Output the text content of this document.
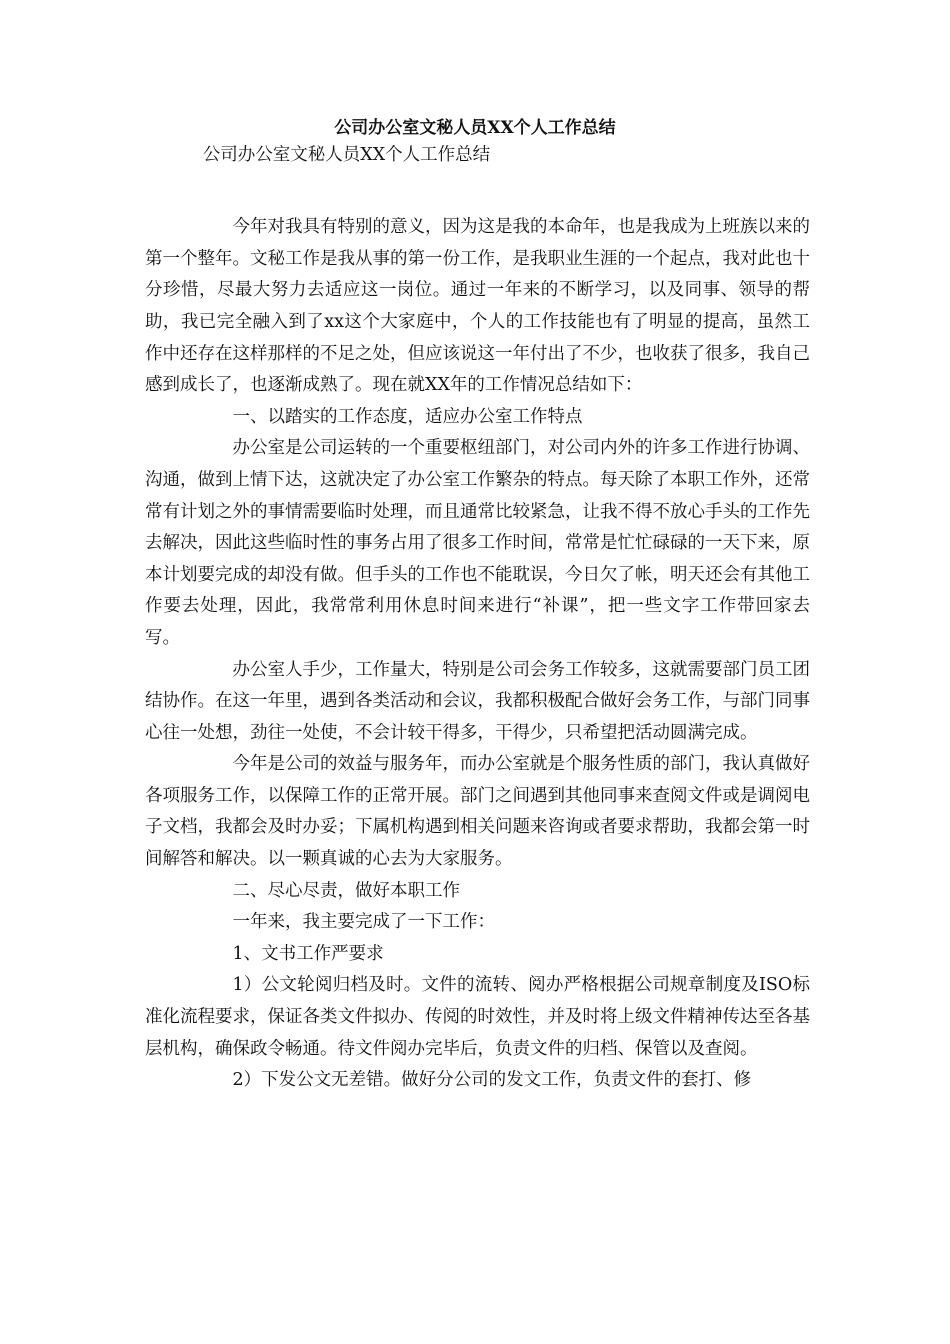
公司办公室文秘人员XX个人工作总结

公司办公室文秘人员XX个人工作总结

今年对我具有特别的意义，因为这是我的本命年，也是我成为上班族以来的第一个整年。文秘工作是我从事的第一份工作，是我职业生涯的一个起点，我对此也十分珍惜，尽最大努力去适应这一岗位。通过一年来的不断学习，以及同事、领导的帮助，我已完全融入到了xx这个大家庭中，个人的工作技能也有了明显的提高，虽然工作中还存在这样那样的不足之处，但应该说这一年付出了不少，也收获了很多，我自己感到成长了，也逐渐成熟了。现在就XX年的工作情况总结如下：

一、以踏实的工作态度，适应办公室工作特点

办公室是公司运转的一个重要枢纽部门，对公司内外的许多工作进行协调、沟通，做到上情下达，这就决定了办公室工作繁杂的特点。每天除了本职工作外，还常常有计划之外的事情需要临时处理，而且通常比较紧急，让我不得不放心手头的工作先去解决，因此这些临时性的事务占用了很多工作时间，常常是忙忙碌碌的一天下来，原本计划要完成的却没有做。但手头的工作也不能耽误，今日欠了帐，明天还会有其他工作要去处理，因此，我常常利用休息时间来进行“补课”，把一些文字工作带回家去写。

办公室人手少，工作量大，特别是公司会务工作较多，这就需要部门员工团结协作。在这一年里，遇到各类活动和会议，我都积极配合做好会务工作，与部门同事心往一处想，劲往一处使，不会计较干得多，干得少，只希望把活动圆满完成。

今年是公司的效益与服务年，而办公室就是个服务性质的部门，我认真做好各项服务工作，以保障工作的正常开展。部门之间遇到其他同事来查阅文件或是调阅电子文档，我都会及时办妥；下属机构遇到相关问题来咨询或者要求帮助，我都会第一时间解答和解决。以一颗真诚的心去为大家服务。

二、尽心尽责，做好本职工作

一年来，我主要完成了一下工作：

1、文书工作严要求

1）公文轮阅归档及时。文件的流转、阅办严格根据公司规章制度及ISO标准化流程要求，保证各类文件拟办、传阅的时效性，并及时将上级文件精神传达至各基层机构，确保政令畅通。待文件阅办完毕后，负责文件的归档、保管以及查阅。

2）下发公文无差错。做好分公司的发文工作，负责文件的套打、修
